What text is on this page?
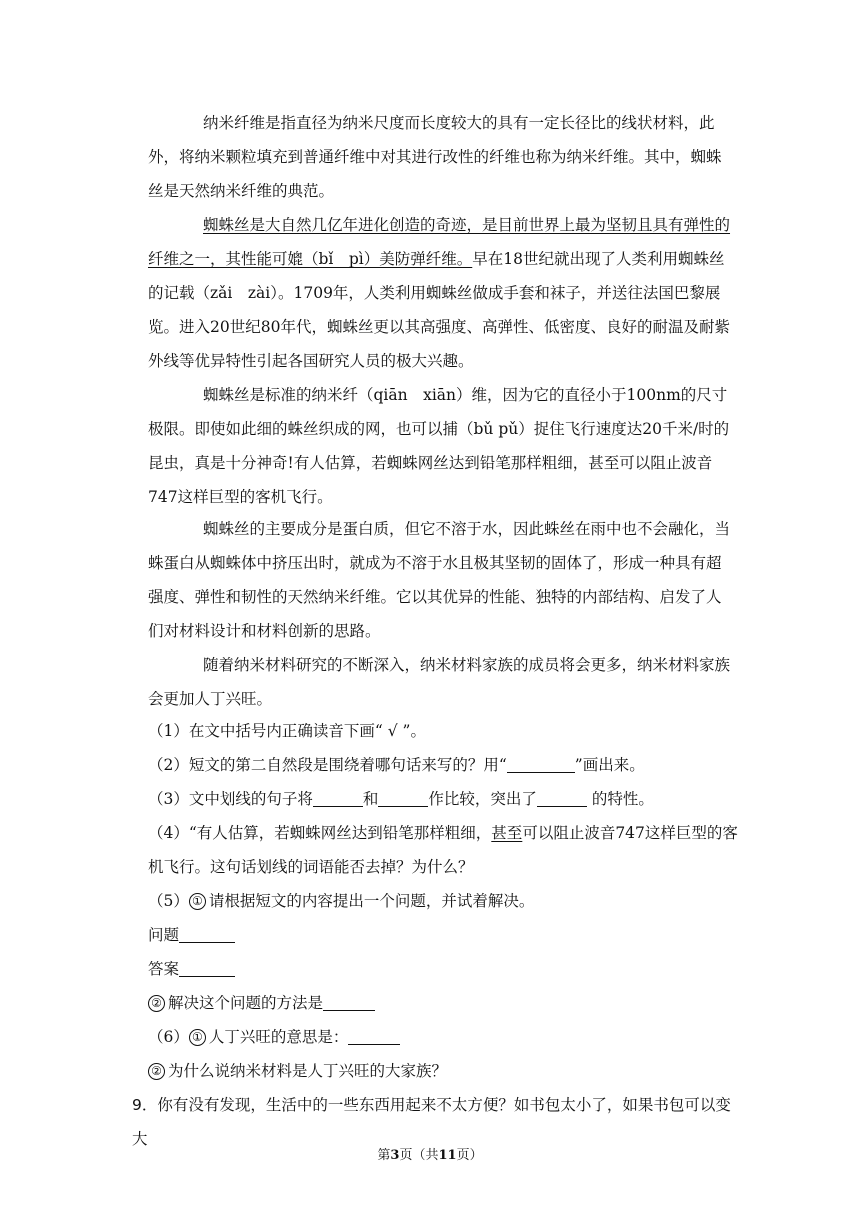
纳米纤维是指直径为纳米尺度而长度较大的具有一定长径比的线状材料，此外，将纳米颗粒填充到普通纤维中对其进行改性的纤维也称为纳米纤维。其中，蜘蛛丝是天然纳米纤维的典范。

蜘蛛丝是大自然几亿年进化创造的奇迹，是目前世界上最为坚韧且具有弹性的纤维之一，其性能可媲（bǐ　pì）美防弹纤维。早在18世纪就出现了人类利用蜘蛛丝的记载（zǎi　zài）。1709年，人类利用蜘蛛丝做成手套和袜子，并送往法国巴黎展览。进入20世纪80年代，蜘蛛丝更以其高强度、高弹性、低密度、良好的耐温及耐紫外线等优异特性引起各国研究人员的极大兴趣。

蜘蛛丝是标准的纳米纤（qiān　xiān）维，因为它的直径小于100nm的尺寸极限。即使如此细的蛛丝织成的网，也可以捕（bǔ pǔ）捉住飞行速度达20千米/时的昆虫，真是十分神奇!有人估算，若蜘蛛网丝达到铅笔那样粗细，甚至可以阻止波音747这样巨型的客机飞行。

蜘蛛丝的主要成分是蛋白质，但它不溶于水，因此蛛丝在雨中也不会融化，当蛛蛋白从蜘蛛体中挤压出时，就成为不溶于水且极其坚韧的固体了，形成一种具有超强度、弹性和韧性的天然纳米纤维。它以其优异的性能、独特的内部结构、启发了人们对材料设计和材料创新的思路。

随着纳米材料研究的不断深入，纳米材料家族的成员将会更多，纳米材料家族会更加人丁兴旺。

（1）在文中括号内正确读音下画“ √ ”。

（2）短文的第二自然段是围绕着哪句话来写的？用“	”画出来。

（3）文中划线的句子将	和	作比较，突出了	的特性。

（4）“有人估算，若蜘蛛网丝达到铅笔那样粗细，甚至可以阻止波音747这样巨型的客机飞行。这句话划线的词语能否去掉？为什么？

（5） ① 请根据短文的内容提出一个问题，并试着解决。

问题

答案

② 解决这个问题的方法是

（6） ① 人丁兴旺的意思是：

② 为什么说纳米材料是人丁兴旺的大家族？

9．你有没有发现，生活中的一些东西用起来不太方便？如书包太小了，如果书包可以变大

第3页（共11页）
